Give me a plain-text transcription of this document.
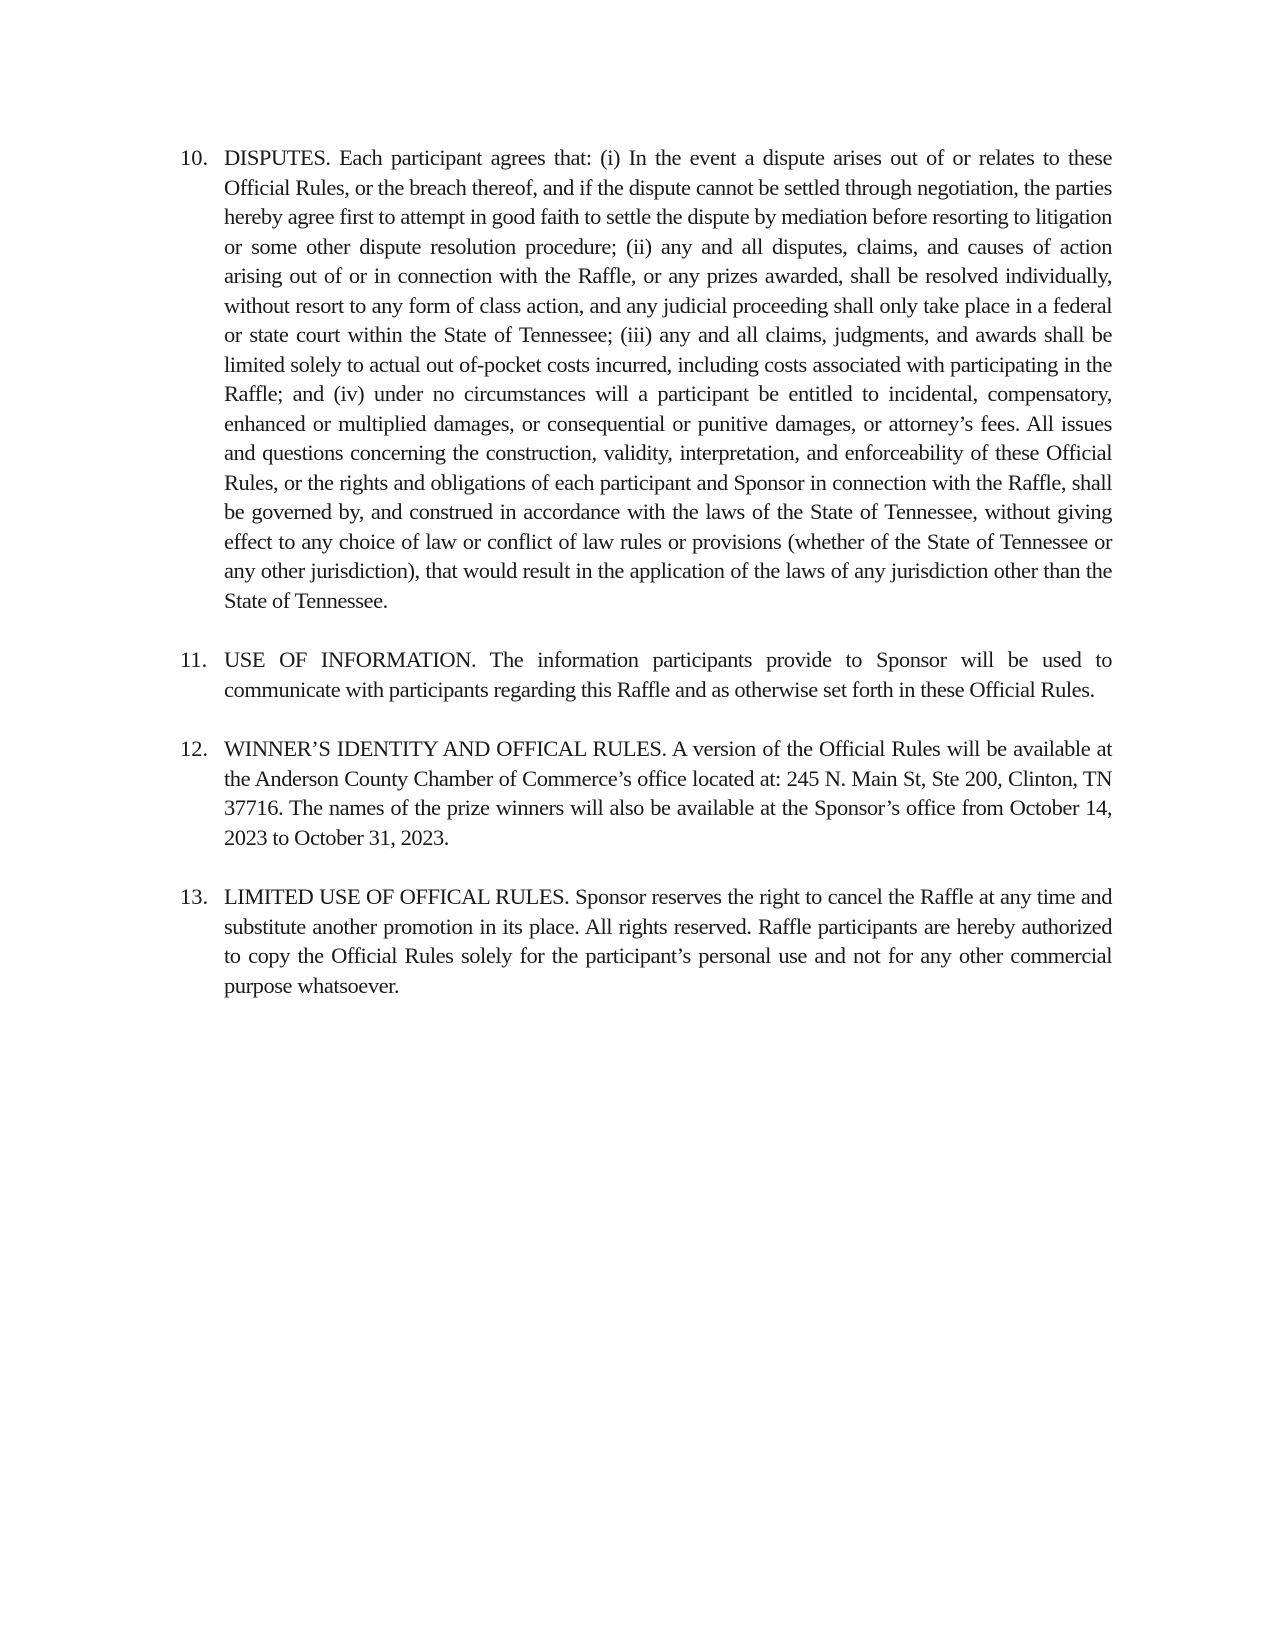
10. DISPUTES. Each participant agrees that: (i) In the event a dispute arises out of or relates to these Official Rules, or the breach thereof, and if the dispute cannot be settled through negotiation, the parties hereby agree first to attempt in good faith to settle the dispute by mediation before resorting to litigation or some other dispute resolution procedure; (ii) any and all disputes, claims, and causes of action arising out of or in connection with the Raffle, or any prizes awarded, shall be resolved individually, without resort to any form of class action, and any judicial proceeding shall only take place in a federal or state court within the State of Tennessee; (iii) any and all claims, judgments, and awards shall be limited solely to actual out of-pocket costs incurred, including costs associated with participating in the Raffle; and (iv) under no circumstances will a participant be entitled to incidental, compensatory, enhanced or multiplied damages, or consequential or punitive damages, or attorney’s fees. All issues and questions concerning the construction, validity, interpretation, and enforceability of these Official Rules, or the rights and obligations of each participant and Sponsor in connection with the Raffle, shall be governed by, and construed in accordance with the laws of the State of Tennessee, without giving effect to any choice of law or conflict of law rules or provisions (whether of the State of Tennessee or any other jurisdiction), that would result in the application of the laws of any jurisdiction other than the State of Tennessee.
11. USE OF INFORMATION. The information participants provide to Sponsor will be used to communicate with participants regarding this Raffle and as otherwise set forth in these Official Rules.
12. WINNER’S IDENTITY AND OFFICAL RULES. A version of the Official Rules will be available at the Anderson County Chamber of Commerce’s office located at: 245 N. Main St, Ste 200, Clinton, TN 37716. The names of the prize winners will also be available at the Sponsor’s office from October 14, 2023 to October 31, 2023.
13. LIMITED USE OF OFFICAL RULES. Sponsor reserves the right to cancel the Raffle at any time and substitute another promotion in its place. All rights reserved. Raffle participants are hereby authorized to copy the Official Rules solely for the participant’s personal use and not for any other commercial purpose whatsoever.
